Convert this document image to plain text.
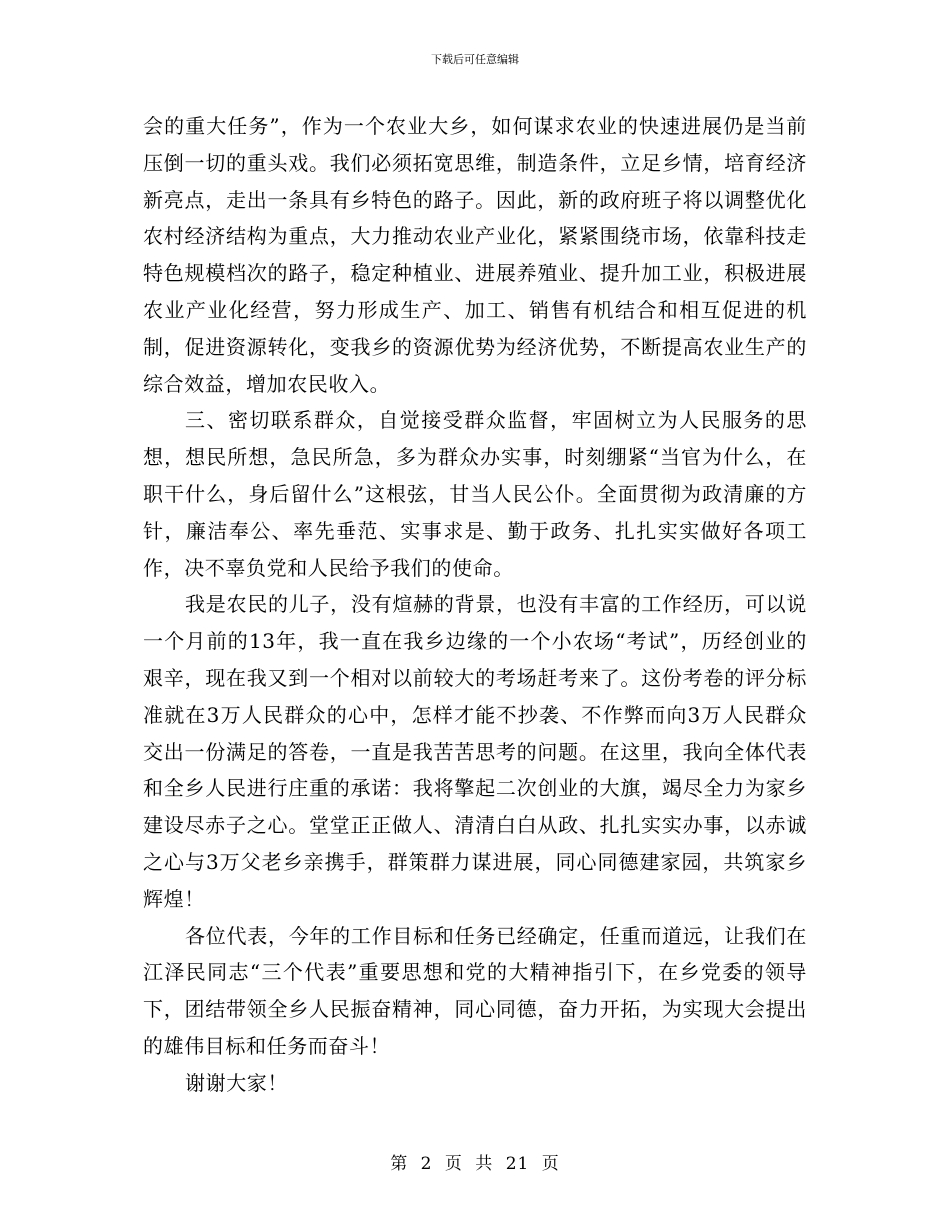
下载后可任意编辑

会的重大任务”，作为一个农业大乡，如何谋求农业的快速进展仍是当前压倒一切的重头戏。我们必须拓宽思维，制造条件，立足乡情，培育经济新亮点，走出一条具有乡特色的路子。因此，新的政府班子将以调整优化农村经济结构为重点，大力推动农业产业化，紧紧围绕市场，依靠科技走特色规模档次的路子，稳定种植业、进展养殖业、提升加工业，积极进展农业产业化经营，努力形成生产、加工、销售有机结合和相互促进的机制，促进资源转化，变我乡的资源优势为经济优势，不断提高农业生产的综合效益，增加农民收入。

三、密切联系群众，自觉接受群众监督，牢固树立为人民服务的思想，想民所想，急民所急，多为群众办实事，时刻绷紧“当官为什么，在职干什么，身后留什么”这根弦，甘当人民公仆。全面贯彻为政清廉的方针，廉洁奉公、率先垂范、实事求是、勤于政务、扎扎实实做好各项工作，决不辜负党和人民给予我们的使命。

我是农民的儿子，没有煊赫的背景，也没有丰富的工作经历，可以说一个月前的13年，我一直在我乡边缘的一个小农场“考试”，历经创业的艰辛，现在我又到一个相对以前较大的考场赶考来了。这份考卷的评分标准就在3万人民群众的心中，怎样才能不抄袭、不作弊而向3万人民群众交出一份满足的答卷，一直是我苦苦思考的问题。在这里，我向全体代表和全乡人民进行庄重的承诺：我将擎起二次创业的大旗，竭尽全力为家乡建设尽赤子之心。堂堂正正做人、清清白白从政、扎扎实实办事，以赤诚之心与3万父老乡亲携手，群策群力谋进展，同心同德建家园，共筑家乡辉煌！

各位代表，今年的工作目标和任务已经确定，任重而道远，让我们在江泽民同志“三个代表”重要思想和党的大精神指引下，在乡党委的领导下，团结带领全乡人民振奋精神，同心同德，奋力开拓，为实现大会提出的雄伟目标和任务而奋斗！

谢谢大家！

第 2 页 共 21 页
